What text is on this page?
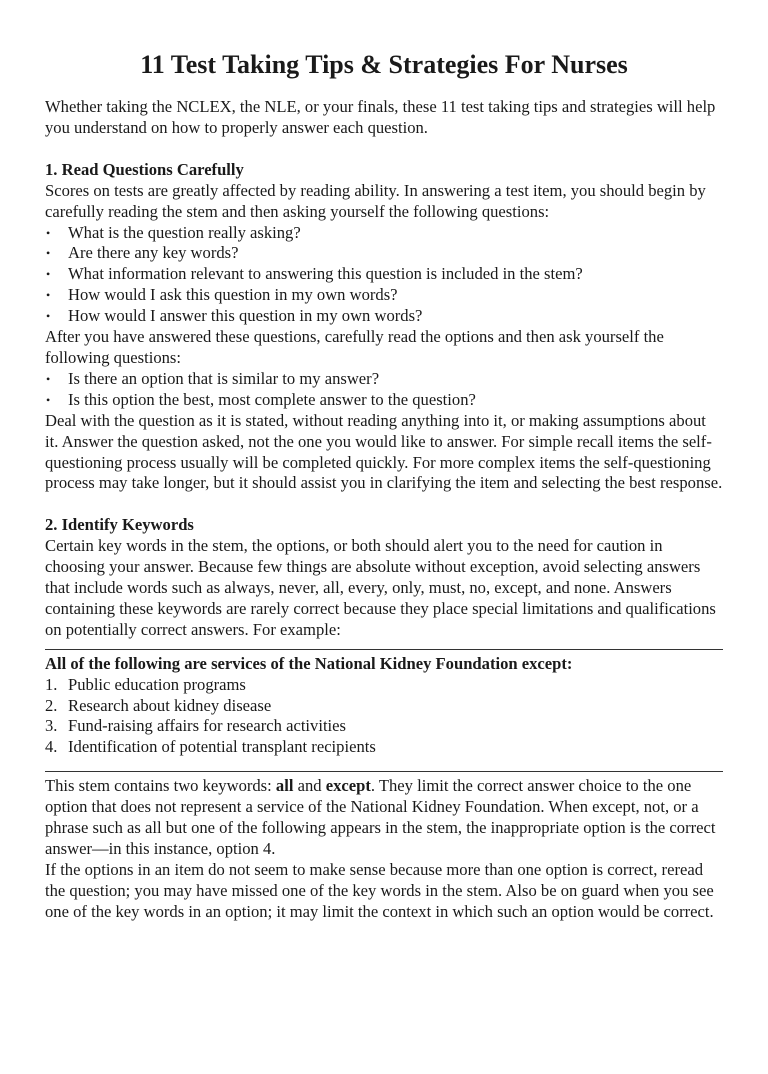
11 Test Taking Tips & Strategies For Nurses

Whether taking the NCLEX, the NLE, or your finals, these 11 test taking tips and strategies will help you understand on how to properly answer each question.

1. Read Questions Carefully

Scores on tests are greatly affected by reading ability. In answering a test item, you should begin by carefully reading the stem and then asking yourself the following questions:

• What is the question really asking?
• Are there any key words?
• What information relevant to answering this question is included in the stem?
• How would I ask this question in my own words?
• How would I answer this question in my own words?

After you have answered these questions, carefully read the options and then ask yourself the following questions:

• Is there an option that is similar to my answer?
• Is this option the best, most complete answer to the question?

Deal with the question as it is stated, without reading anything into it, or making assumptions about it. Answer the question asked, not the one you would like to answer. For simple recall items the self-questioning process usually will be completed quickly. For more complex items the self-questioning process may take longer, but it should assist you in clarifying the item and selecting the best response.

2. Identify Keywords

Certain key words in the stem, the options, or both should alert you to the need for caution in choosing your answer. Because few things are absolute without exception, avoid selecting answers that include words such as always, never, all, every, only, must, no, except, and none. Answers containing these keywords are rarely correct because they place special limitations and qualifications on potentially correct answers. For example:

All of the following are services of the National Kidney Foundation except:

1. Public education programs
2. Research about kidney disease
3. Fund-raising affairs for research activities
4. Identification of potential transplant recipients

This stem contains two keywords: all and except. They limit the correct answer choice to the one option that does not represent a service of the National Kidney Foundation. When except, not, or a phrase such as all but one of the following appears in the stem, the inappropriate option is the correct answer—in this instance, option 4.

If the options in an item do not seem to make sense because more than one option is correct, reread the question; you may have missed one of the key words in the stem. Also be on guard when you see one of the key words in an option; it may limit the context in which such an option would be correct.
